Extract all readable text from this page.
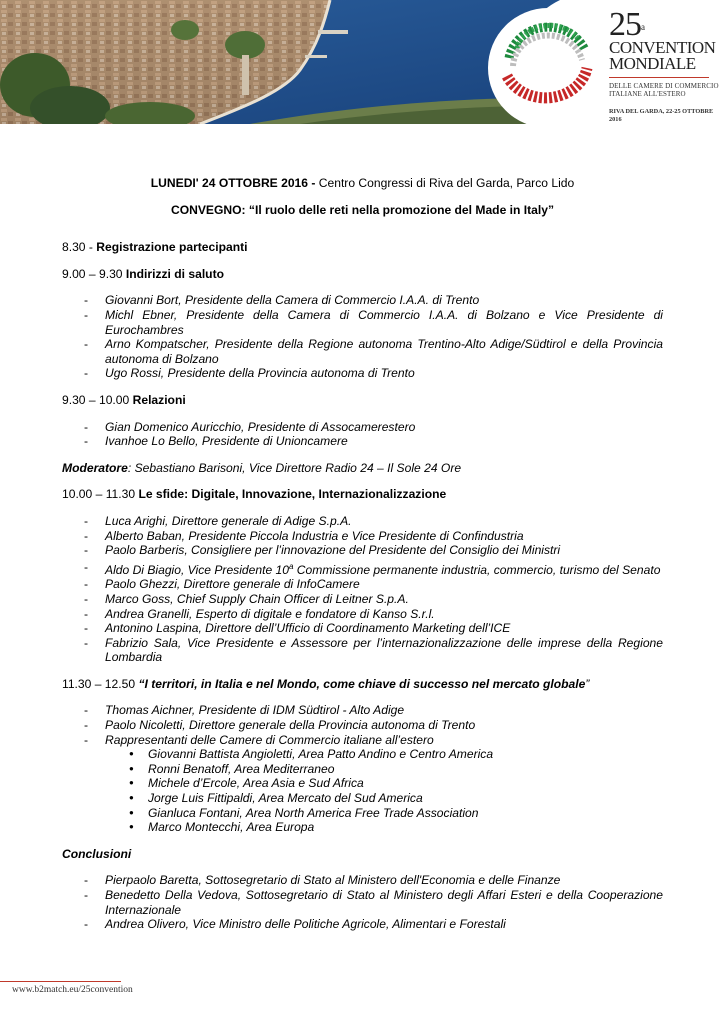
25$^a$
CONVENTION
MONDIALE
DELLE CAMERE DI COMMERCIO
ITALIANE ALL'ESTERO
RIVA DEL GARDA, 22-25 OTTOBRE 2016
LUNEDI' 24 OTTOBRE 2016 - Centro Congressi di Riva del Garda, Parco Lido
CONVEGNO: “Il ruolo delle reti nella promozione del Made in Italy”
8.30 - Registrazione partecipanti
9.00 – 9.30 Indirizzi di saluto
- Giovanni Bort, Presidente della Camera di Commercio I.A.A. di Trento
- Michl Ebner, Presidente della Camera di Commercio I.A.A. di Bolzano e Vice Presidente di Eurochambres
- Arno Kompatscher, Presidente della Regione autonoma Trentino-Alto Adige/Südtirol e della Provincia autonoma di Bolzano
- Ugo Rossi, Presidente della Provincia autonoma di Trento
9.30 – 10.00 Relazioni
- Gian Domenico Auricchio, Presidente di Assocamerestero
- Ivanhoe Lo Bello, Presidente di Unioncamere
Moderatore: Sebastiano Barisoni, Vice Direttore Radio 24 – Il Sole 24 Ore
10.00 – 11.30 Le sfide: Digitale, Innovazione, Internazionalizzazione
- Luca Arighi, Direttore generale di Adige S.p.A.
- Alberto Baban, Presidente Piccola Industria e Vice Presidente di Confindustria
- Paolo Barberis, Consigliere per l’innovazione del Presidente del Consiglio dei Ministri
- Aldo Di Biagio, Vice Presidente 10$^a$ Commissione permanente industria, commercio, turismo del Senato
- Paolo Ghezzi, Direttore generale di InfoCamere
- Marco Goss, Chief Supply Chain Officer di Leitner S.p.A.
- Andrea Granelli, Esperto di digitale e fondatore di Kanso S.r.l.
- Antonino Laspina, Direttore dell’Ufficio di Coordinamento Marketing dell’ICE
- Fabrizio Sala, Vice Presidente e Assessore per l’internazionalizzazione delle imprese della Regione Lombardia
11.30 – 12.50 “I territori, in Italia e nel Mondo, come chiave di successo nel mercato globale”
- Thomas Aichner, Presidente di IDM Südtirol - Alto Adige
- Paolo Nicoletti, Direttore generale della Provincia autonoma di Trento
- Rappresentanti delle Camere di Commercio italiane all’estero
● Giovanni Battista Angioletti, Area Patto Andino e Centro America
● Ronni Benatoff, Area Mediterraneo
● Michele d’Ercole, Area Asia e Sud Africa
● Jorge Luis Fittipaldi, Area Mercato del Sud America
● Gianluca Fontani, Area North America Free Trade Association
● Marco Montecchi, Area Europa
Conclusioni
- Pierpaolo Baretta, Sottosegretario di Stato al Ministero dell'Economia e delle Finanze
- Benedetto Della Vedova, Sottosegretario di Stato al Ministero degli Affari Esteri e della Cooperazione Internazionale
- Andrea Olivero, Vice Ministro delle Politiche Agricole, Alimentari e Forestali
www.b2match.eu/25convention
